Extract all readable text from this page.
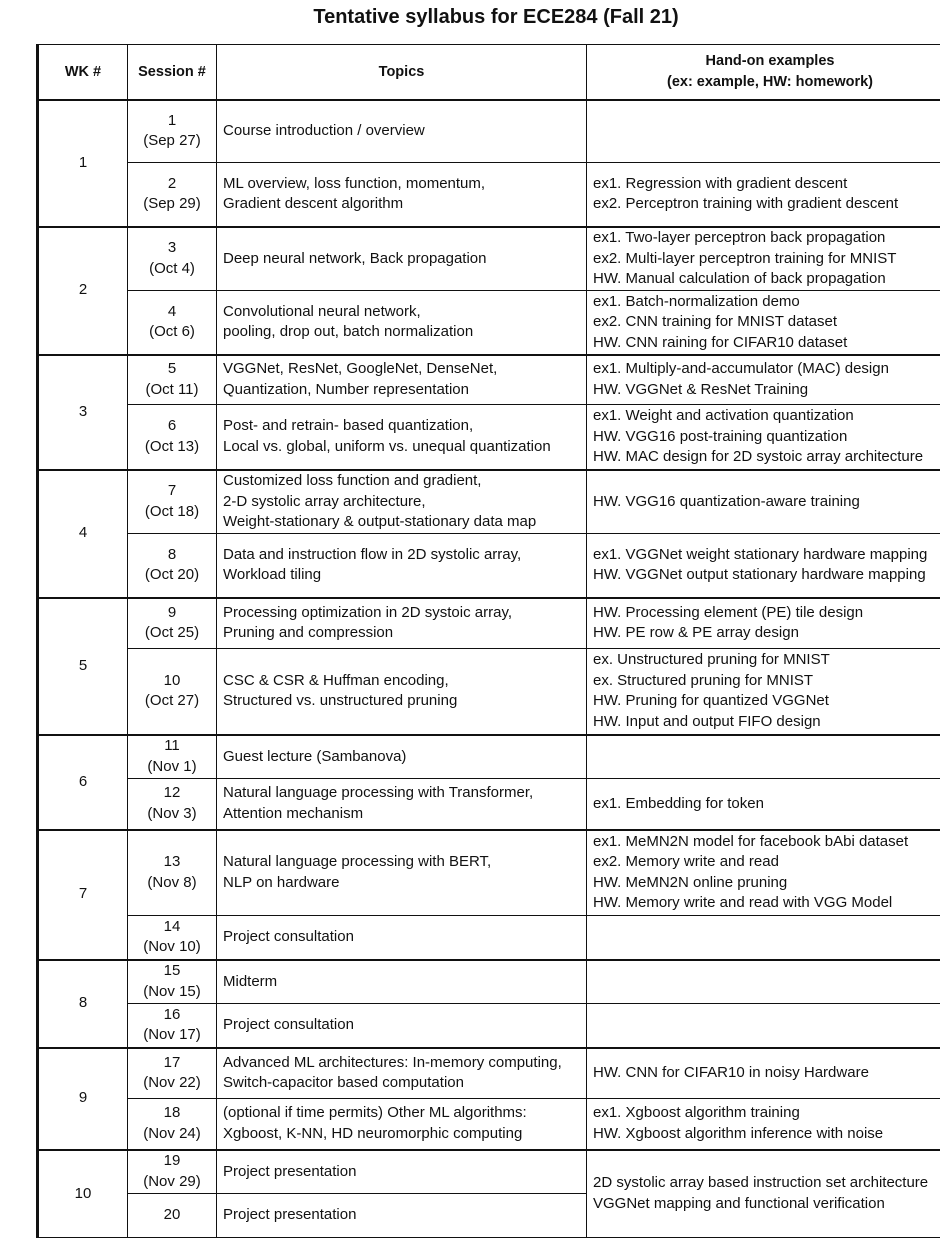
Tentative syllabus for ECE284 (Fall 21)
WK #	Session #	Topics	Hand-on examples
(ex: example, HW: homework)

1	1
(Sep 27)	Course introduction / overview	

	2
(Sep 29)	ML overview, loss function, momentum,
Gradient descent algorithm	ex1. Regression with gradient descent
ex2. Perceptron training with gradient descent

2	3
(Oct 4)	Deep neural network, Back propagation	ex1. Two-layer perceptron back propagation
ex2. Multi-layer perceptron training for MNIST
HW. Manual calculation of back propagation

	4
(Oct 6)	Convolutional neural network,
pooling, drop out, batch normalization	ex1. Batch-normalization demo
ex2. CNN training for MNIST dataset
HW. CNN raining for CIFAR10 dataset

3	5
(Oct 11)	VGGNet, ResNet, GoogleNet, DenseNet,
Quantization, Number representation	ex1. Multiply-and-accumulator (MAC) design
HW. VGGNet & ResNet Training

	6
(Oct 13)	Post- and retrain- based quantization,
Local vs. global, uniform vs. unequal quantization	ex1. Weight and activation quantization
HW. VGG16 post-training quantization
HW. MAC design for 2D systoic array architecture

4	7
(Oct 18)	Customized loss function and gradient,
2-D systolic array architecture,
Weight-stationary & output-stationary data map	HW. VGG16 quantization-aware training

	8
(Oct 20)	Data and instruction flow in 2D systolic array,
Workload tiling	ex1. VGGNet weight stationary hardware mapping
HW. VGGNet output stationary hardware mapping

5	9
(Oct 25)	Processing optimization in 2D systoic array,
Pruning and compression	HW. Processing element (PE) tile design
HW. PE row & PE array design

	10
(Oct 27)	CSC & CSR & Huffman encoding,
Structured vs. unstructured pruning	ex. Unstructured pruning for MNIST
ex. Structured pruning for MNIST
HW. Pruning for quantized VGGNet
HW. Input and output FIFO design

6	11
(Nov 1)	Guest lecture (Sambanova)	

	12
(Nov 3)	Natural language processing with Transformer,
Attention mechanism	ex1. Embedding for token

7	13
(Nov 8)	Natural language processing with BERT,
NLP on hardware	ex1. MeMN2N model for facebook bAbi dataset
ex2. Memory write and read
HW. MeMN2N online pruning
HW. Memory write and read with VGG Model

	14
(Nov 10)	Project consultation	

8	15
(Nov 15)	Midterm	

	16
(Nov 17)	Project consultation	

9	17
(Nov 22)	Advanced ML architectures: In-memory computing,
Switch-capacitor based computation	HW. CNN for CIFAR10 in noisy Hardware

	18
(Nov 24)	(optional if time permits) Other ML algorithms:
Xgboost, K-NN, HD neuromorphic computing	ex1. Xgboost algorithm training
HW. Xgboost algorithm inference with noise

10	19
(Nov 29)	Project presentation	2D systolic array based instruction set architecture
VGGNet mapping and functional verification

	20	Project presentation	
